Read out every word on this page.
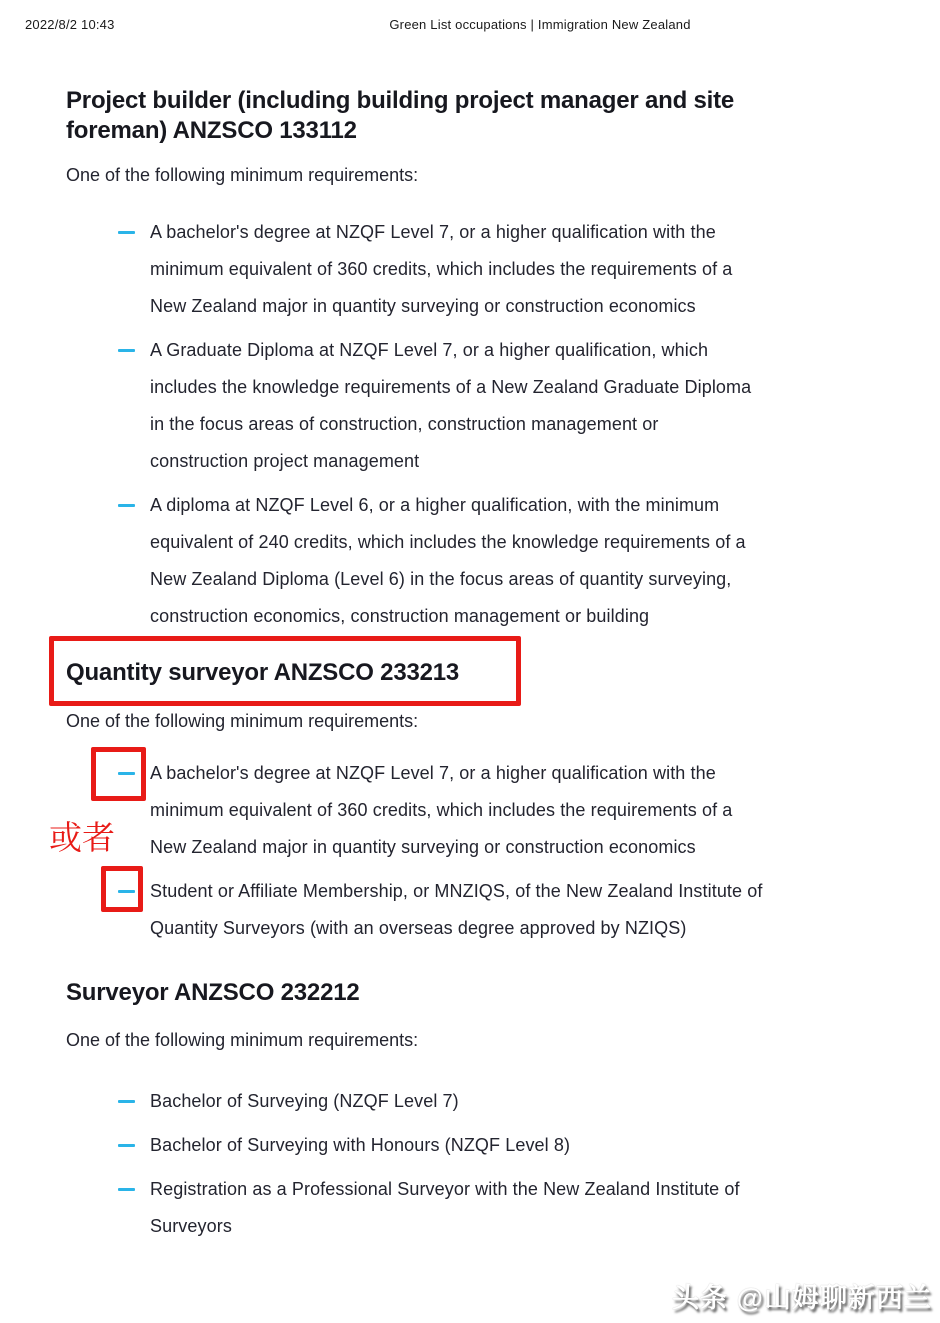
2022/8/2 10:43	Green List occupations | Immigration New Zealand
Project builder (including building project manager and site foreman) ANZSCO 133112

One of the following minimum requirements:

A bachelor's degree at NZQF Level 7, or a higher qualification with the
minimum equivalent of 360 credits, which includes the requirements of a
New Zealand major in quantity surveying or construction economics
A Graduate Diploma at NZQF Level 7, or a higher qualification, which
includes the knowledge requirements of a New Zealand Graduate Diploma
in the focus areas of construction, construction management or
construction project management
A diploma at NZQF Level 6, or a higher qualification, with the minimum
equivalent of 240 credits, which includes the knowledge requirements of a
New Zealand Diploma (Level 6) in the focus areas of quantity surveying,
construction economics, construction management or building
Quantity surveyor ANZSCO 233213

One of the following minimum requirements:

A bachelor's degree at NZQF Level 7, or a higher qualification with the
minimum equivalent of 360 credits, which includes the requirements of a
New Zealand major in quantity surveying or construction economics
Student or Affiliate Membership, or MNZIQS, of the New Zealand Institute of
Quantity Surveyors (with an overseas degree approved by NZIQS)
或者
Surveyor ANZSCO 232212

One of the following minimum requirements:

Bachelor of Surveying (NZQF Level 7)
Bachelor of Surveying with Honours (NZQF Level 8)
Registration as a Professional Surveyor with the New Zealand Institute of
Surveyors
头条 @山姆聊新西兰
